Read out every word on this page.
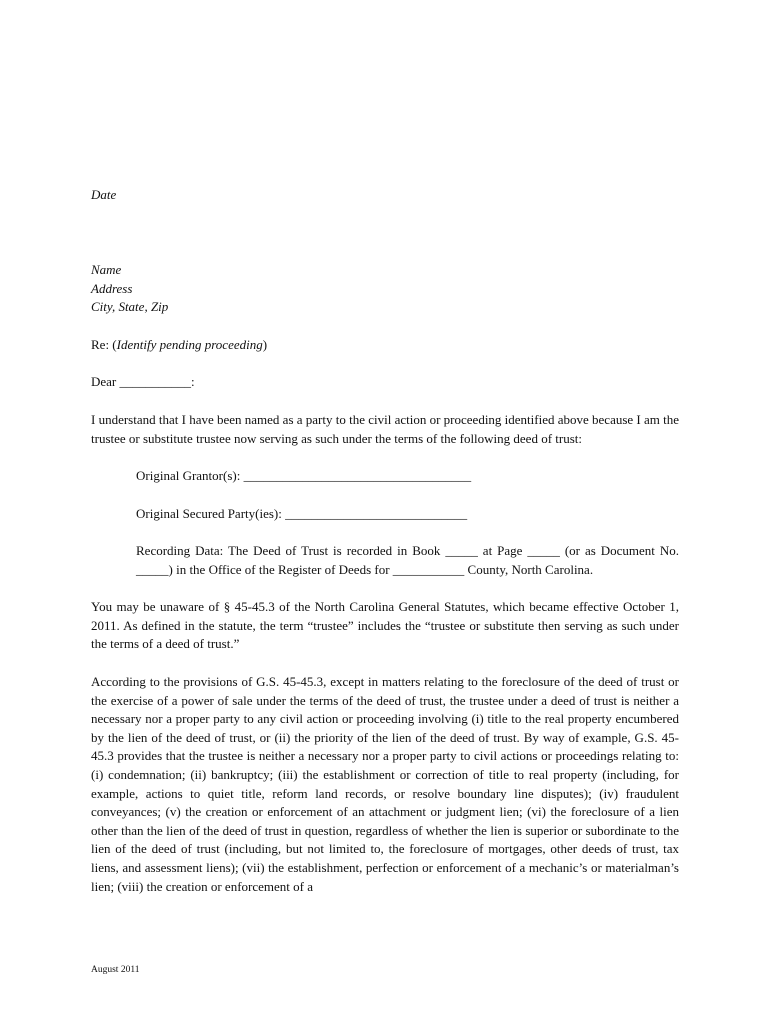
Date

Name
Address
City, State, Zip

Re: (Identify pending proceeding)

Dear ___________:

I understand that I have been named as a party to the civil action or proceeding identified above because I am the trustee or substitute trustee now serving as such under the terms of the following deed of trust:

Original Grantor(s): ___________________________________

Original Secured Party(ies): ____________________________

Recording Data: The Deed of Trust is recorded in Book _____ at Page _____ (or as Document No. _____) in the Office of the Register of Deeds for ___________ County, North Carolina.

You may be unaware of § 45-45.3 of the North Carolina General Statutes, which became effective October 1, 2011. As defined in the statute, the term “trustee” includes the “trustee or substitute then serving as such under the terms of a deed of trust.”

According to the provisions of G.S. 45-45.3, except in matters relating to the foreclosure of the deed of trust or the exercise of a power of sale under the terms of the deed of trust, the trustee under a deed of trust is neither a necessary nor a proper party to any civil action or proceeding involving (i) title to the real property encumbered by the lien of the deed of trust, or (ii) the priority of the lien of the deed of trust. By way of example, G.S. 45-45.3 provides that the trustee is neither a necessary nor a proper party to civil actions or proceedings relating to: (i) condemnation; (ii) bankruptcy; (iii) the establishment or correction of title to real property (including, for example, actions to quiet title, reform land records, or resolve boundary line disputes); (iv) fraudulent conveyances; (v) the creation or enforcement of an attachment or judgment lien; (vi) the foreclosure of a lien other than the lien of the deed of trust in question, regardless of whether the lien is superior or subordinate to the lien of the deed of trust (including, but not limited to, the foreclosure of mortgages, other deeds of trust, tax liens, and assessment liens); (vii) the establishment, perfection or enforcement of a mechanic’s or materialman’s lien; (viii) the creation or enforcement of a

August 2011
